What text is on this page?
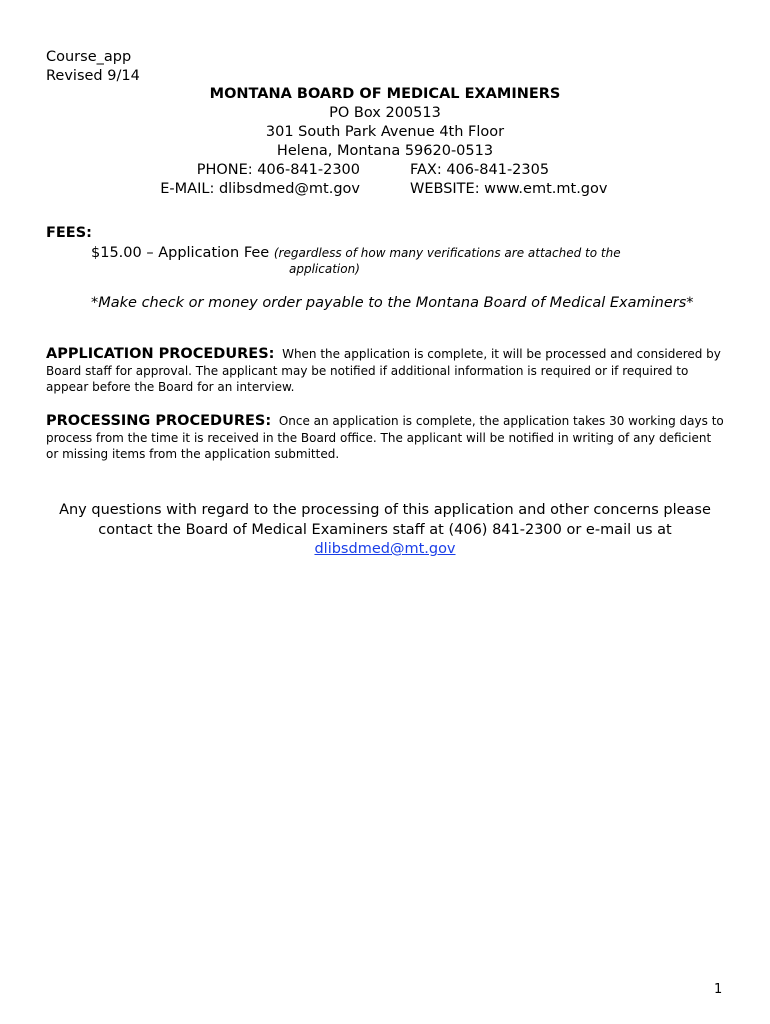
Course_app
Revised 9/14
MONTANA BOARD OF MEDICAL EXAMINERS
PO Box 200513
301 South Park Avenue 4th Floor
Helena, Montana 59620-0513
PHONE: 406-841-2300	FAX: 406-841-2305
E-MAIL: dlibsdmed@mt.gov	WEBSITE: www.emt.mt.gov
FEES:
$15.00 – Application Fee (regardless of how many verifications are attached to the
application)
*Make check or money order payable to the Montana Board of Medical Examiners*
APPLICATION PROCEDURES: When the application is complete, it will be processed and considered by Board staff for approval. The applicant may be notified if additional information is required or if required to appear before the Board for an interview.
PROCESSING PROCEDURES: Once an application is complete, the application takes 30 working days to process from the time it is received in the Board office. The applicant will be notified in writing of any deficient or missing items from the application submitted.
Any questions with regard to the processing of this application and other concerns please contact the Board of Medical Examiners staff at (406) 841-2300 or e-mail us at
dlibsdmed@mt.gov
1
